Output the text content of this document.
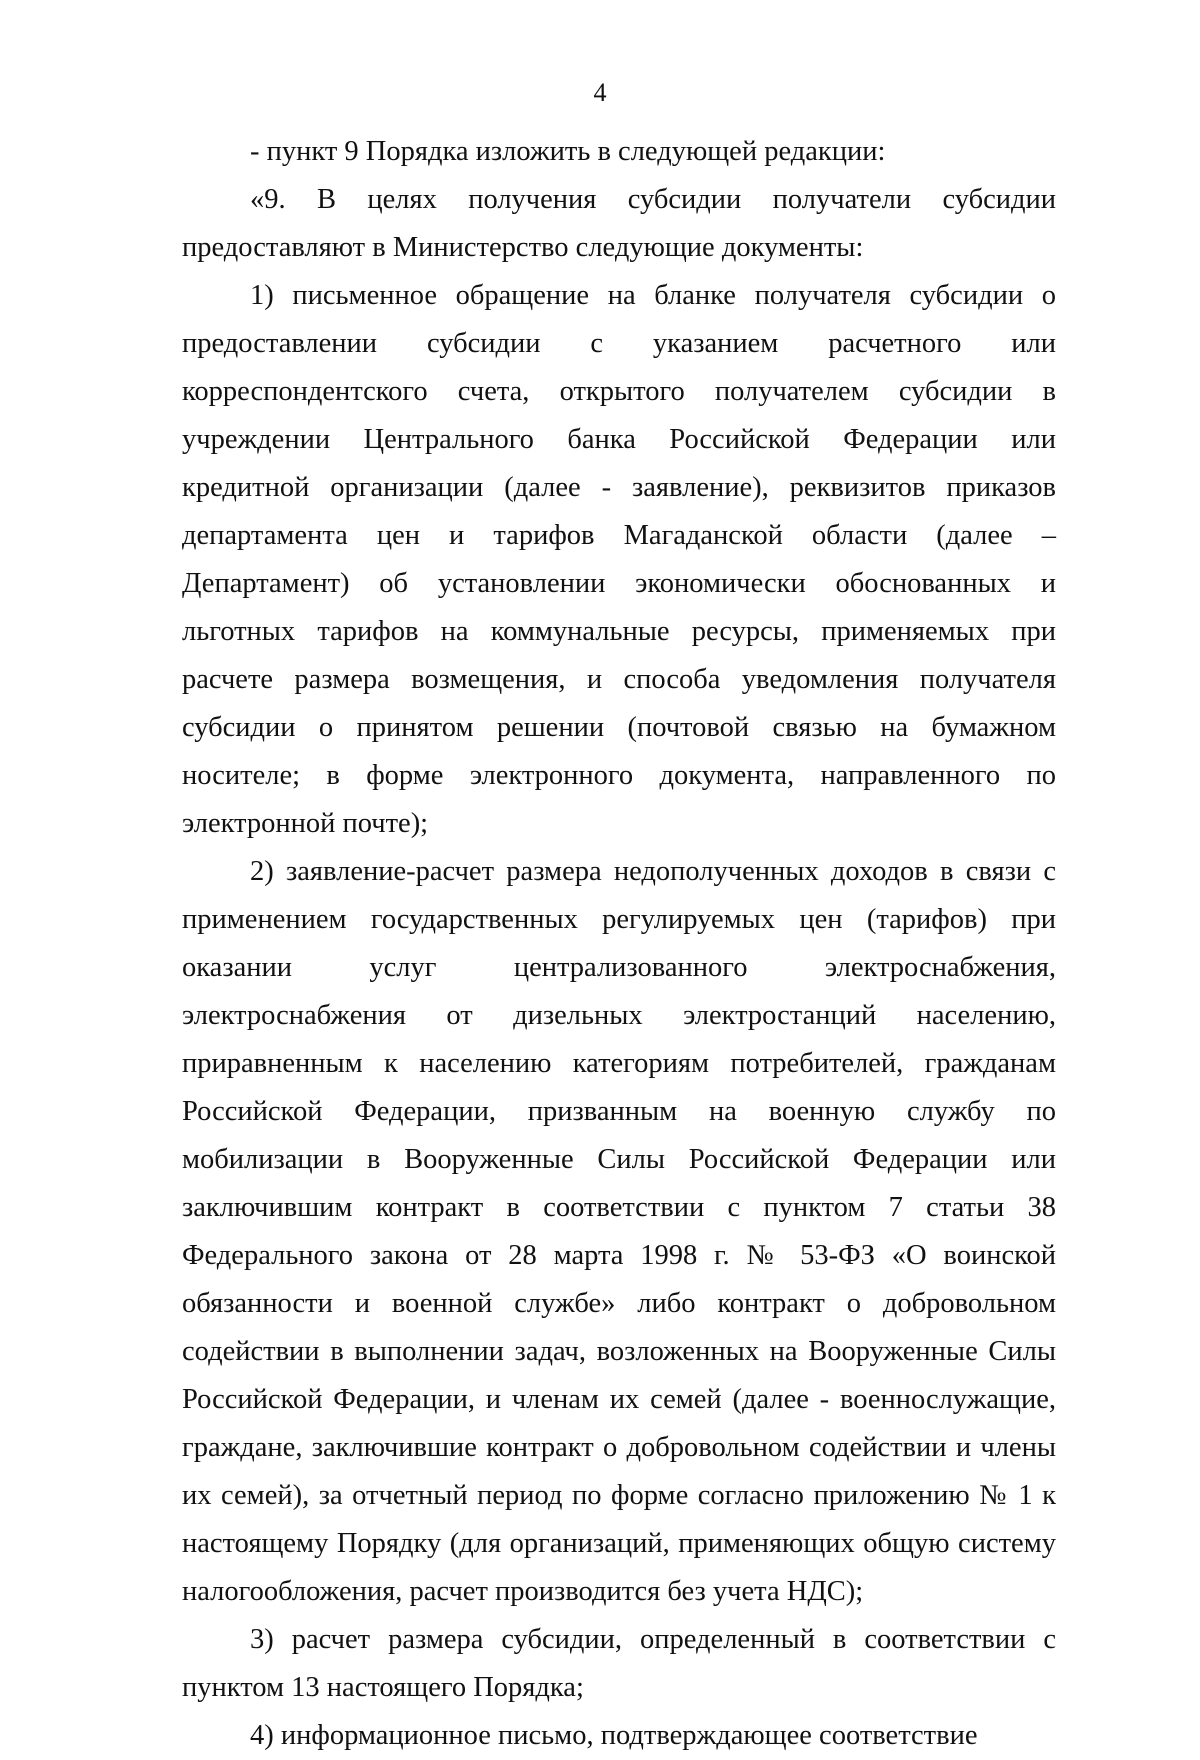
4

- пункт 9 Порядка изложить в следующей редакции:

«9. В целях получения субсидии получатели субсидии предоставляют в Министерство следующие документы:

1) письменное обращение на бланке получателя субсидии о предоставлении субсидии с указанием расчетного или корреспондентского счета, открытого получателем субсидии в учреждении Центрального банка Российской Федерации или кредитной организации (далее - заявление), реквизитов приказов департамента цен и тарифов Магаданской области (далее – Департамент) об установлении экономически обоснованных и льготных тарифов на коммунальные ресурсы, применяемых при расчете размера возмещения, и способа уведомления получателя субсидии о принятом решении (почтовой связью на бумажном носителе; в форме электронного документа, направленного по электронной почте);

2) заявление-расчет размера недополученных доходов в связи с применением государственных регулируемых цен (тарифов) при оказании услуг централизованного электроснабжения, электроснабжения от дизельных электростанций населению, приравненным к населению категориям потребителей, гражданам Российской Федерации, призванным на военную службу по мобилизации в Вооруженные Силы Российской Федерации или заключившим контракт в соответствии с пунктом 7 статьи 38 Федерального закона от 28 марта 1998 г. № 53-ФЗ «О воинской обязанности и военной службе» либо контракт о добровольном содействии в выполнении задач, возложенных на Вооруженные Силы Российской Федерации, и членам их семей (далее - военнослужащие, граждане, заключившие контракт о добровольном содействии и члены их семей), за отчетный период по форме согласно приложению № 1 к настоящему Порядку (для организаций, применяющих общую систему налогообложения, расчет производится без учета НДС);

3) расчет размера субсидии, определенный в соответствии с пунктом 13 настоящего Порядка;

4) информационное письмо, подтверждающее соответствие
